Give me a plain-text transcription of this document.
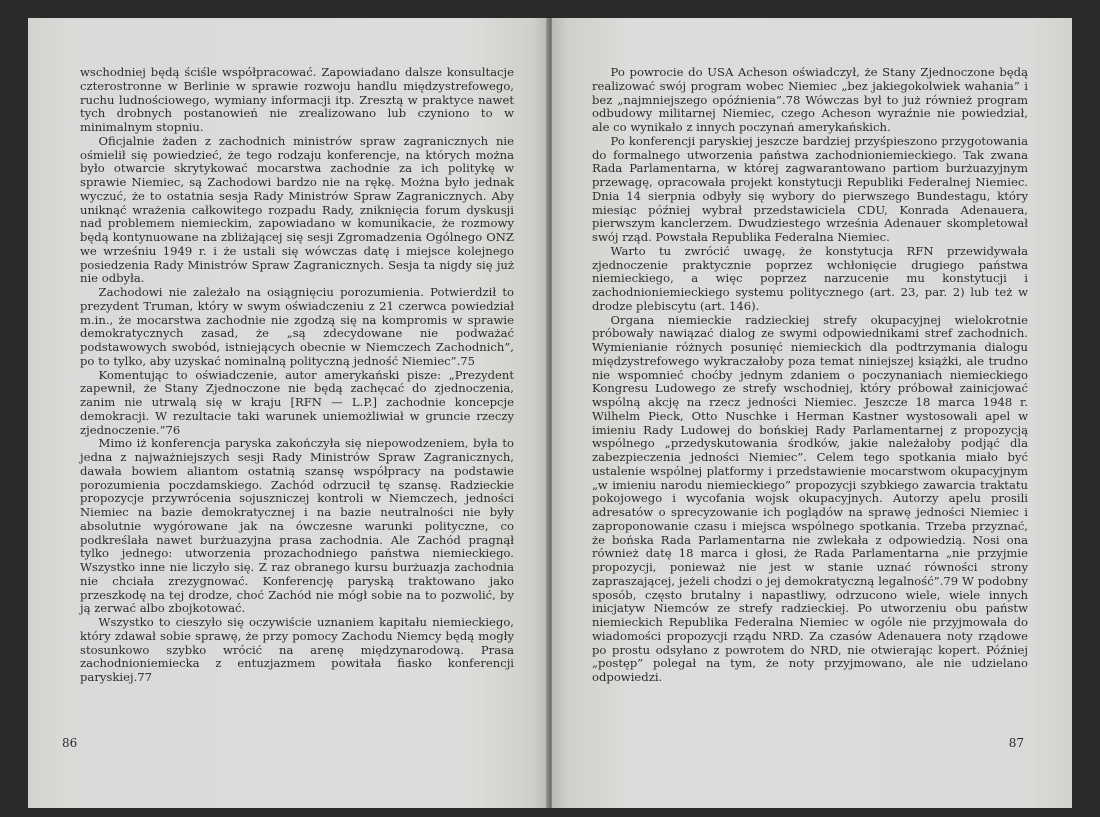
wschodniej będą ściśle współpracować. Zapowiadano dalsze konsultacje czterostronne w Berlinie w sprawie rozwoju handlu międzystrefowego, ruchu ludnościowego, wymiany informacji itp. Zresztą w praktyce nawet tych drobnych postanowień nie zrealizowano lub czyniono to w minimalnym stopniu.

Oficjalnie żaden z zachodnich ministrów spraw zagranicznych nie ośmielił się powiedzieć, że tego rodzaju konferencje, na których można było otwarcie skrytykować mocarstwa zachodnie za ich politykę w sprawie Niemiec, są Zachodowi bardzo nie na rękę. Można było jednak wyczuć, że to ostatnia sesja Rady Ministrów Spraw Zagranicznych. Aby uniknąć wrażenia całkowitego rozpadu Rady, zniknięcia forum dyskusji nad problemem niemieckim, zapowiadano w komunikacie, że rozmowy będą kontynuowane na zbliżającej się sesji Zgromadzenia Ogólnego ONZ we wrześniu 1949 r. i że ustali się wówczas datę i miejsce kolejnego posiedzenia Rady Ministrów Spraw Zagranicznych. Sesja ta nigdy się już nie odbyła.

Zachodowi nie zależało na osiągnięciu porozumienia. Potwierdził to prezydent Truman, który w swym oświadczeniu z 21 czerwca powiedział m.in., że mocarstwa zachodnie nie zgodzą się na kompromis w sprawie demokratycznych zasad, że „są zdecydowane nie podważać podstawowych swobód, istniejących obecnie w Niemczech Zachodnich”, po to tylko, aby uzyskać nominalną polityczną jedność Niemiec”.75

Komentując to oświadczenie, autor amerykański pisze: „Prezydent zapewnił, że Stany Zjednoczone nie będą zachęcać do zjednoczenia, zanim nie utrwalą się w kraju [RFN — L.P.] zachodnie koncepcje demokracji. W rezultacie taki warunek uniemożliwiał w gruncie rzeczy zjednoczenie.”76

Mimo iż konferencja paryska zakończyła się niepowodzeniem, była to jedna z najważniejszych sesji Rady Ministrów Spraw Zagranicznych, dawała bowiem aliantom ostatnią szansę współpracy na podstawie porozumienia poczdamskiego. Zachód odrzucił tę szansę. Radzieckie propozycje przywrócenia sojuszniczej kontroli w Niemczech, jedności Niemiec na bazie demokratycznej i na bazie neutralności nie były absolutnie wygórowane jak na ówczesne warunki polityczne, co podkreślała nawet burżuazyjna prasa zachodnia. Ale Zachód pragnął tylko jednego: utworzenia prozachodniego państwa niemieckiego. Wszystko inne nie liczyło się. Z raz obranego kursu burżuazja zachodnia nie chciała zrezygnować. Konferencję paryską traktowano jako przeszkodę na tej drodze, choć Zachód nie mógł sobie na to pozwolić, by ją zerwać albo zbojkotować.

Wszystko to cieszyło się oczywiście uznaniem kapitału niemieckiego, który zdawał sobie sprawę, że przy pomocy Zachodu Niemcy będą mogły stosunkowo szybko wrócić na arenę międzynarodową. Prasa zachodnioniemiecka z entuzjazmem powitała fiasko konferencji paryskiej.77

86

Po powrocie do USA Acheson oświadczył, że Stany Zjednoczone będą realizować swój program wobec Niemiec „bez jakiegokolwiek wahania” i bez „najmniejszego opóźnienia”.78 Wówczas był to już również program odbudowy militarnej Niemiec, czego Acheson wyraźnie nie powiedział, ale co wynikało z innych poczynań amerykańskich.

Po konferencji paryskiej jeszcze bardziej przyśpieszono przygotowania do formalnego utworzenia państwa zachodnioniemieckiego. Tak zwana Rada Parlamentarna, w której zagwarantowano partiom burżuazyjnym przewagę, opracowała projekt konstytucji Republiki Federalnej Niemiec. Dnia 14 sierpnia odbyły się wybory do pierwszego Bundestagu, który miesiąc później wybrał przedstawiciela CDU, Konrada Adenauera, pierwszym kanclerzem. Dwudziestego września Adenauer skompletował swój rząd. Powstała Republika Federalna Niemiec.

Warto tu zwrócić uwagę, że konstytucja RFN przewidywała zjednoczenie praktycznie poprzez wchłonięcie drugiego państwa niemieckiego, a więc poprzez narzucenie mu konstytucji i zachodnioniemieckiego systemu politycznego (art. 23, par. 2) lub też w drodze plebiscytu (art. 146).

Organa niemieckie radzieckiej strefy okupacyjnej wielokrotnie próbowały nawiązać dialog ze swymi odpowiednikami stref zachodnich. Wymienianie różnych posunięć niemieckich dla podtrzymania dialogu międzystrefowego wykraczałoby poza temat niniejszej książki, ale trudno nie wspomnieć choćby jednym zdaniem o poczynaniach niemieckiego Kongresu Ludowego ze strefy wschodniej, który próbował zainicjować wspólną akcję na rzecz jedności Niemiec. Jeszcze 18 marca 1948 r. Wilhelm Pieck, Otto Nuschke i Herman Kastner wystosowali apel w imieniu Rady Ludowej do bońskiej Rady Parlamentarnej z propozycją wspólnego „przedyskutowania środków, jakie należałoby podjąć dla zabezpieczenia jedności Niemiec”. Celem tego spotkania miało być ustalenie wspólnej platformy i przedstawienie mocarstwom okupacyjnym „w imieniu narodu niemieckiego” propozycji szybkiego zawarcia traktatu pokojowego i wycofania wojsk okupacyjnych. Autorzy apelu prosili adresatów o sprecyzowanie ich poglądów na sprawę jedności Niemiec i zaproponowanie czasu i miejsca wspólnego spotkania. Trzeba przyznać, że bońska Rada Parlamentarna nie zwlekała z odpowiedzią. Nosi ona również datę 18 marca i głosi, że Rada Parlamentarna „nie przyjmie propozycji, ponieważ nie jest w stanie uznać równości strony zapraszającej, jeżeli chodzi o jej demokratyczną legalność”.79 W podobny sposób, często brutalny i napastliwy, odrzucono wiele, wiele innych inicjatyw Niemców ze strefy radzieckiej. Po utworzeniu obu państw niemieckich Republika Federalna Niemiec w ogóle nie przyjmowała do wiadomości propozycji rządu NRD. Za czasów Adenauera noty rządowe po prostu odsyłano z powrotem do NRD, nie otwierając kopert. Później „postęp” polegał na tym, że noty przyjmowano, ale nie udzielano odpowiedzi.

87
